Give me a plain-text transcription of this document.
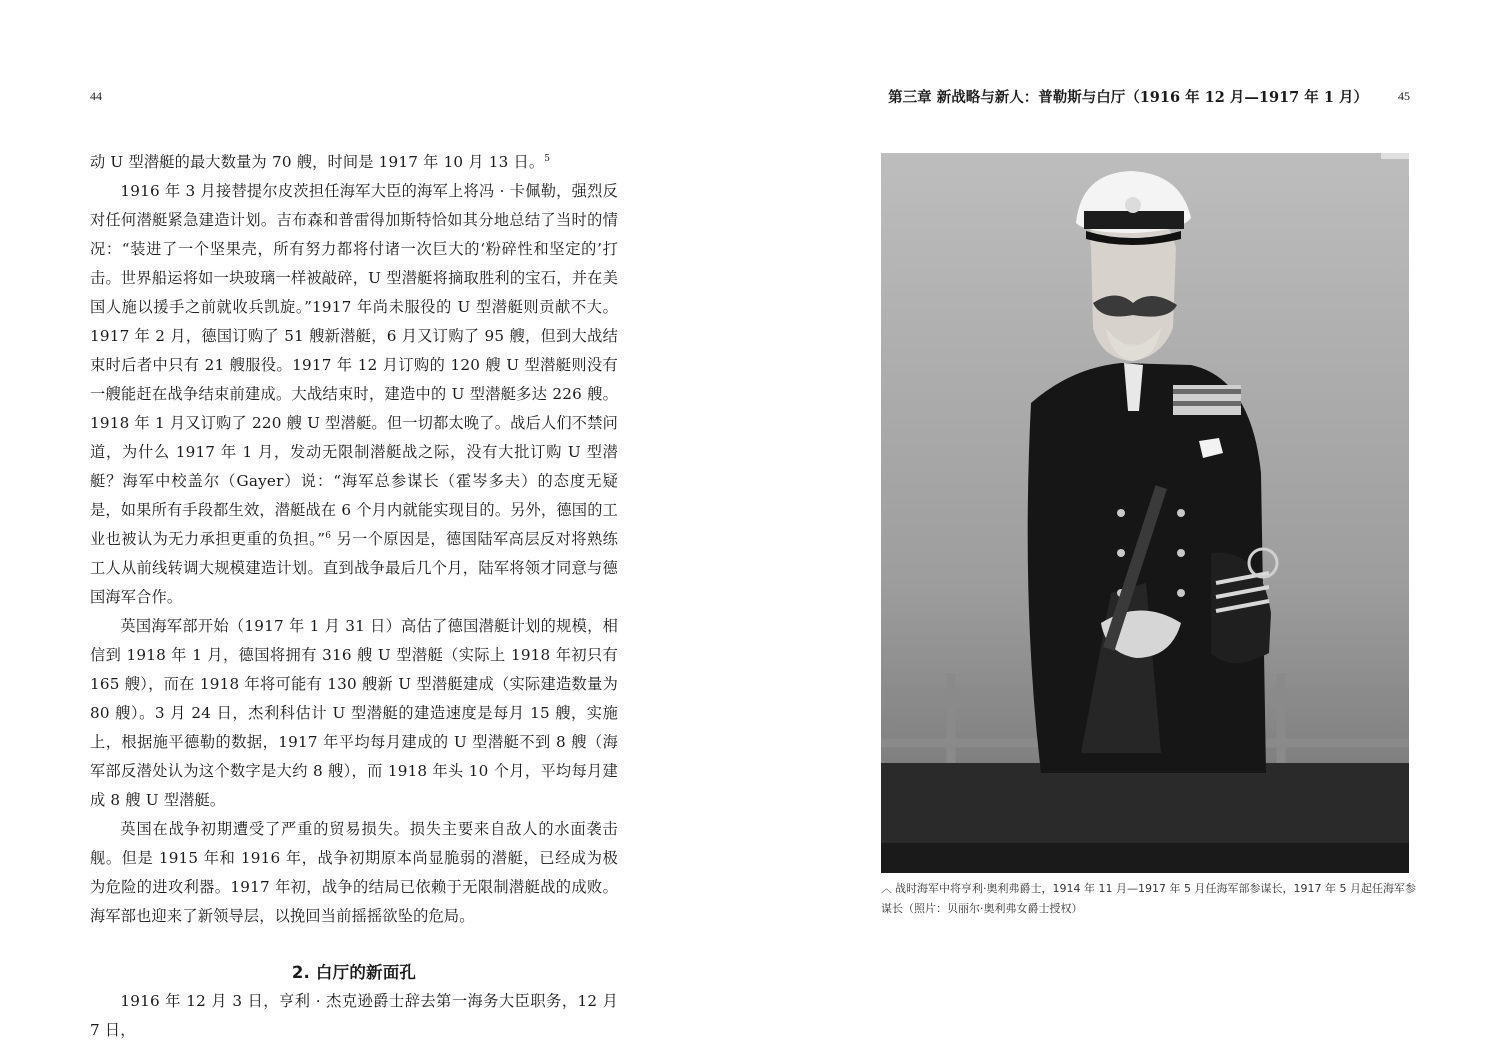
44

动 U 型潜艇的最大数量为 70 艘，时间是 1917 年 10 月 13 日。$^5$

1916 年 3 月接替提尔皮茨担任海军大臣的海军上将冯 · 卡佩勒，强烈反对任何潜艇紧急建造计划。吉布森和普雷得加斯特恰如其分地总结了当时的情况：“装进了一个坚果壳，所有努力都将付诸一次巨大的‘粉碎性和坚定的’打击。世界船运将如一块玻璃一样被敲碎，U 型潜艇将摘取胜利的宝石，并在美国人施以援手之前就收兵凯旋。”1917 年尚未服役的 U 型潜艇则贡献不大。1917 年 2 月，德国订购了 51 艘新潜艇，6 月又订购了 95 艘，但到大战结束时后者中只有 21 艘服役。1917 年 12 月订购的 120 艘 U 型潜艇则没有一艘能赶在战争结束前建成。大战结束时，建造中的 U 型潜艇多达 226 艘。1918 年 1 月又订购了 220 艘 U 型潜艇。但一切都太晚了。战后人们不禁问道，为什么 1917 年 1 月，发动无限制潜艇战之际，没有大批订购 U 型潜艇？海军中校盖尔（Gayer）说：“海军总参谋长（霍岑多夫）的态度无疑是，如果所有手段都生效，潜艇战在 6 个月内就能实现目的。另外，德国的工业也被认为无力承担更重的负担。”$^6$ 另一个原因是，德国陆军高层反对将熟练工人从前线转调大规模建造计划。直到战争最后几个月，陆军将领才同意与德国海军合作。

英国海军部开始（1917 年 1 月 31 日）高估了德国潜艇计划的规模，相信到 1918 年 1 月，德国将拥有 316 艘 U 型潜艇（实际上 1918 年初只有 165 艘），而在 1918 年将可能有 130 艘新 U 型潜艇建成（实际建造数量为 80 艘）。3 月 24 日，杰利科估计 U 型潜艇的建造速度是每月 15 艘，实施上，根据施平德勒的数据，1917 年平均每月建成的 U 型潜艇不到 8 艘（海军部反潜处认为这个数字是大约 8 艘），而 1918 年头 10 个月，平均每月建成 8 艘 U 型潜艇。

英国在战争初期遭受了严重的贸易损失。损失主要来自敌人的水面袭击舰。但是 1915 年和 1916 年，战争初期原本尚显脆弱的潜艇，已经成为极为危险的进攻利器。1917 年初，战争的结局已依赖于无限制潜艇战的成败。海军部也迎来了新领导层，以挽回当前摇摇欲坠的危局。

2. 白厅的新面孔

1916 年 12 月 3 日，亨利 · 杰克逊爵士辞去第一海务大臣职务，12 月 7 日，

第三章 新战略与新人：普勒斯与白厅（1916 年 12 月—1917 年 1 月）	45
︿ 战时海军中将亨利·奥利弗爵士，1914 年 11 月—1917 年 5 月任海军部参谋长，1917 年 5 月起任海军参谋长（照片：贝丽尔·奥利弗女爵士授权）
